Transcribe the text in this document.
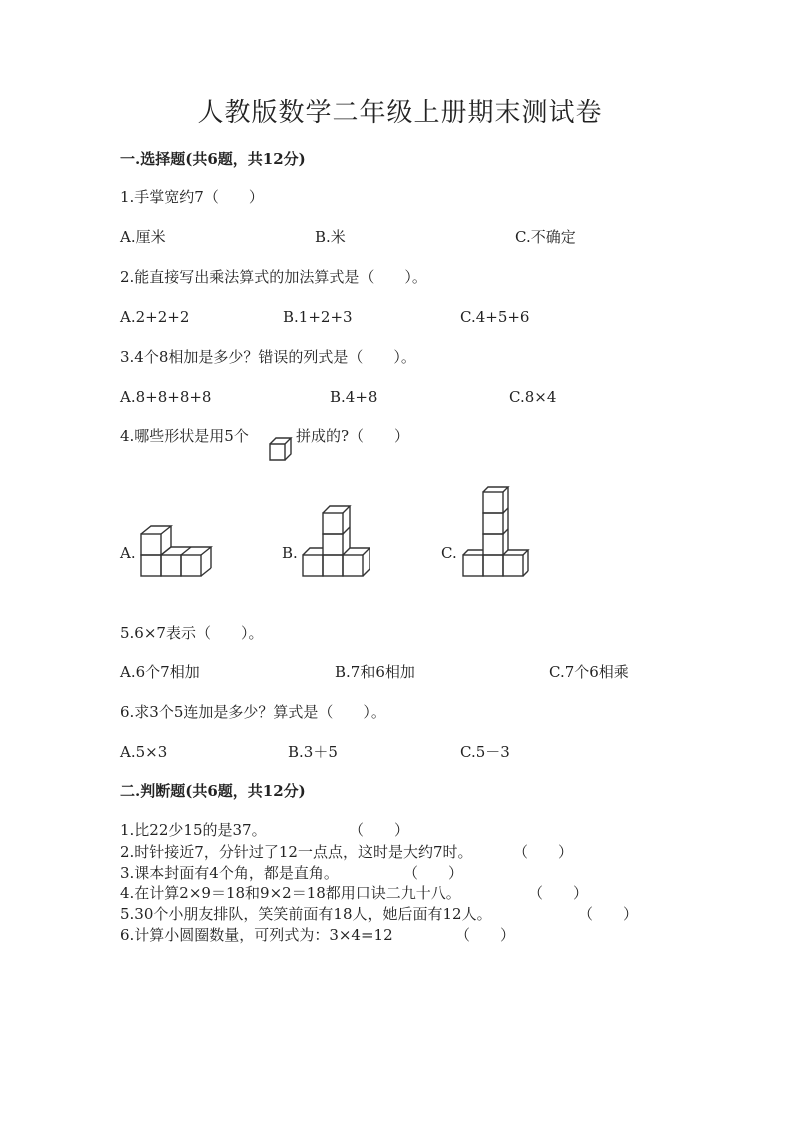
人教版数学二年级上册期末测试卷
一.选择题(共6题，共12分)
1.手掌宽约7（　　）
A.厘米	B.米	C.不确定
2.能直接写出乘法算式的加法算式是（　　）。
A.2+2+2	B.1+2+3	C.4+5+6
3.4个8相加是多少？错误的列式是（　　）。
A.8+8+8+8	B.4+8	C.8×4
4.哪些形状是用5个	拼成的?（　　）
A.	B.	C.
5.6×7表示（　　）。
A.6个7相加	B.7和6相加	C.7个6相乘
6.求3个5连加是多少？算式是（　　）。
A.5×3	B.3＋5	C.5－3
二.判断题(共6题，共12分)
1.比22少15的是37。	（　　）
2.时针接近7，分针过了12一点点，这时是大约7时。	（　　）
3.课本封面有4个角，都是直角。	（　　）
4.在计算2×9＝18和9×2＝18都用口诀二九十八。	（　　）
5.30个小朋友排队，笑笑前面有18人，她后面有12人。	（　　）
6.计算小圆圈数量，可列式为：3×4=12	（　　）
